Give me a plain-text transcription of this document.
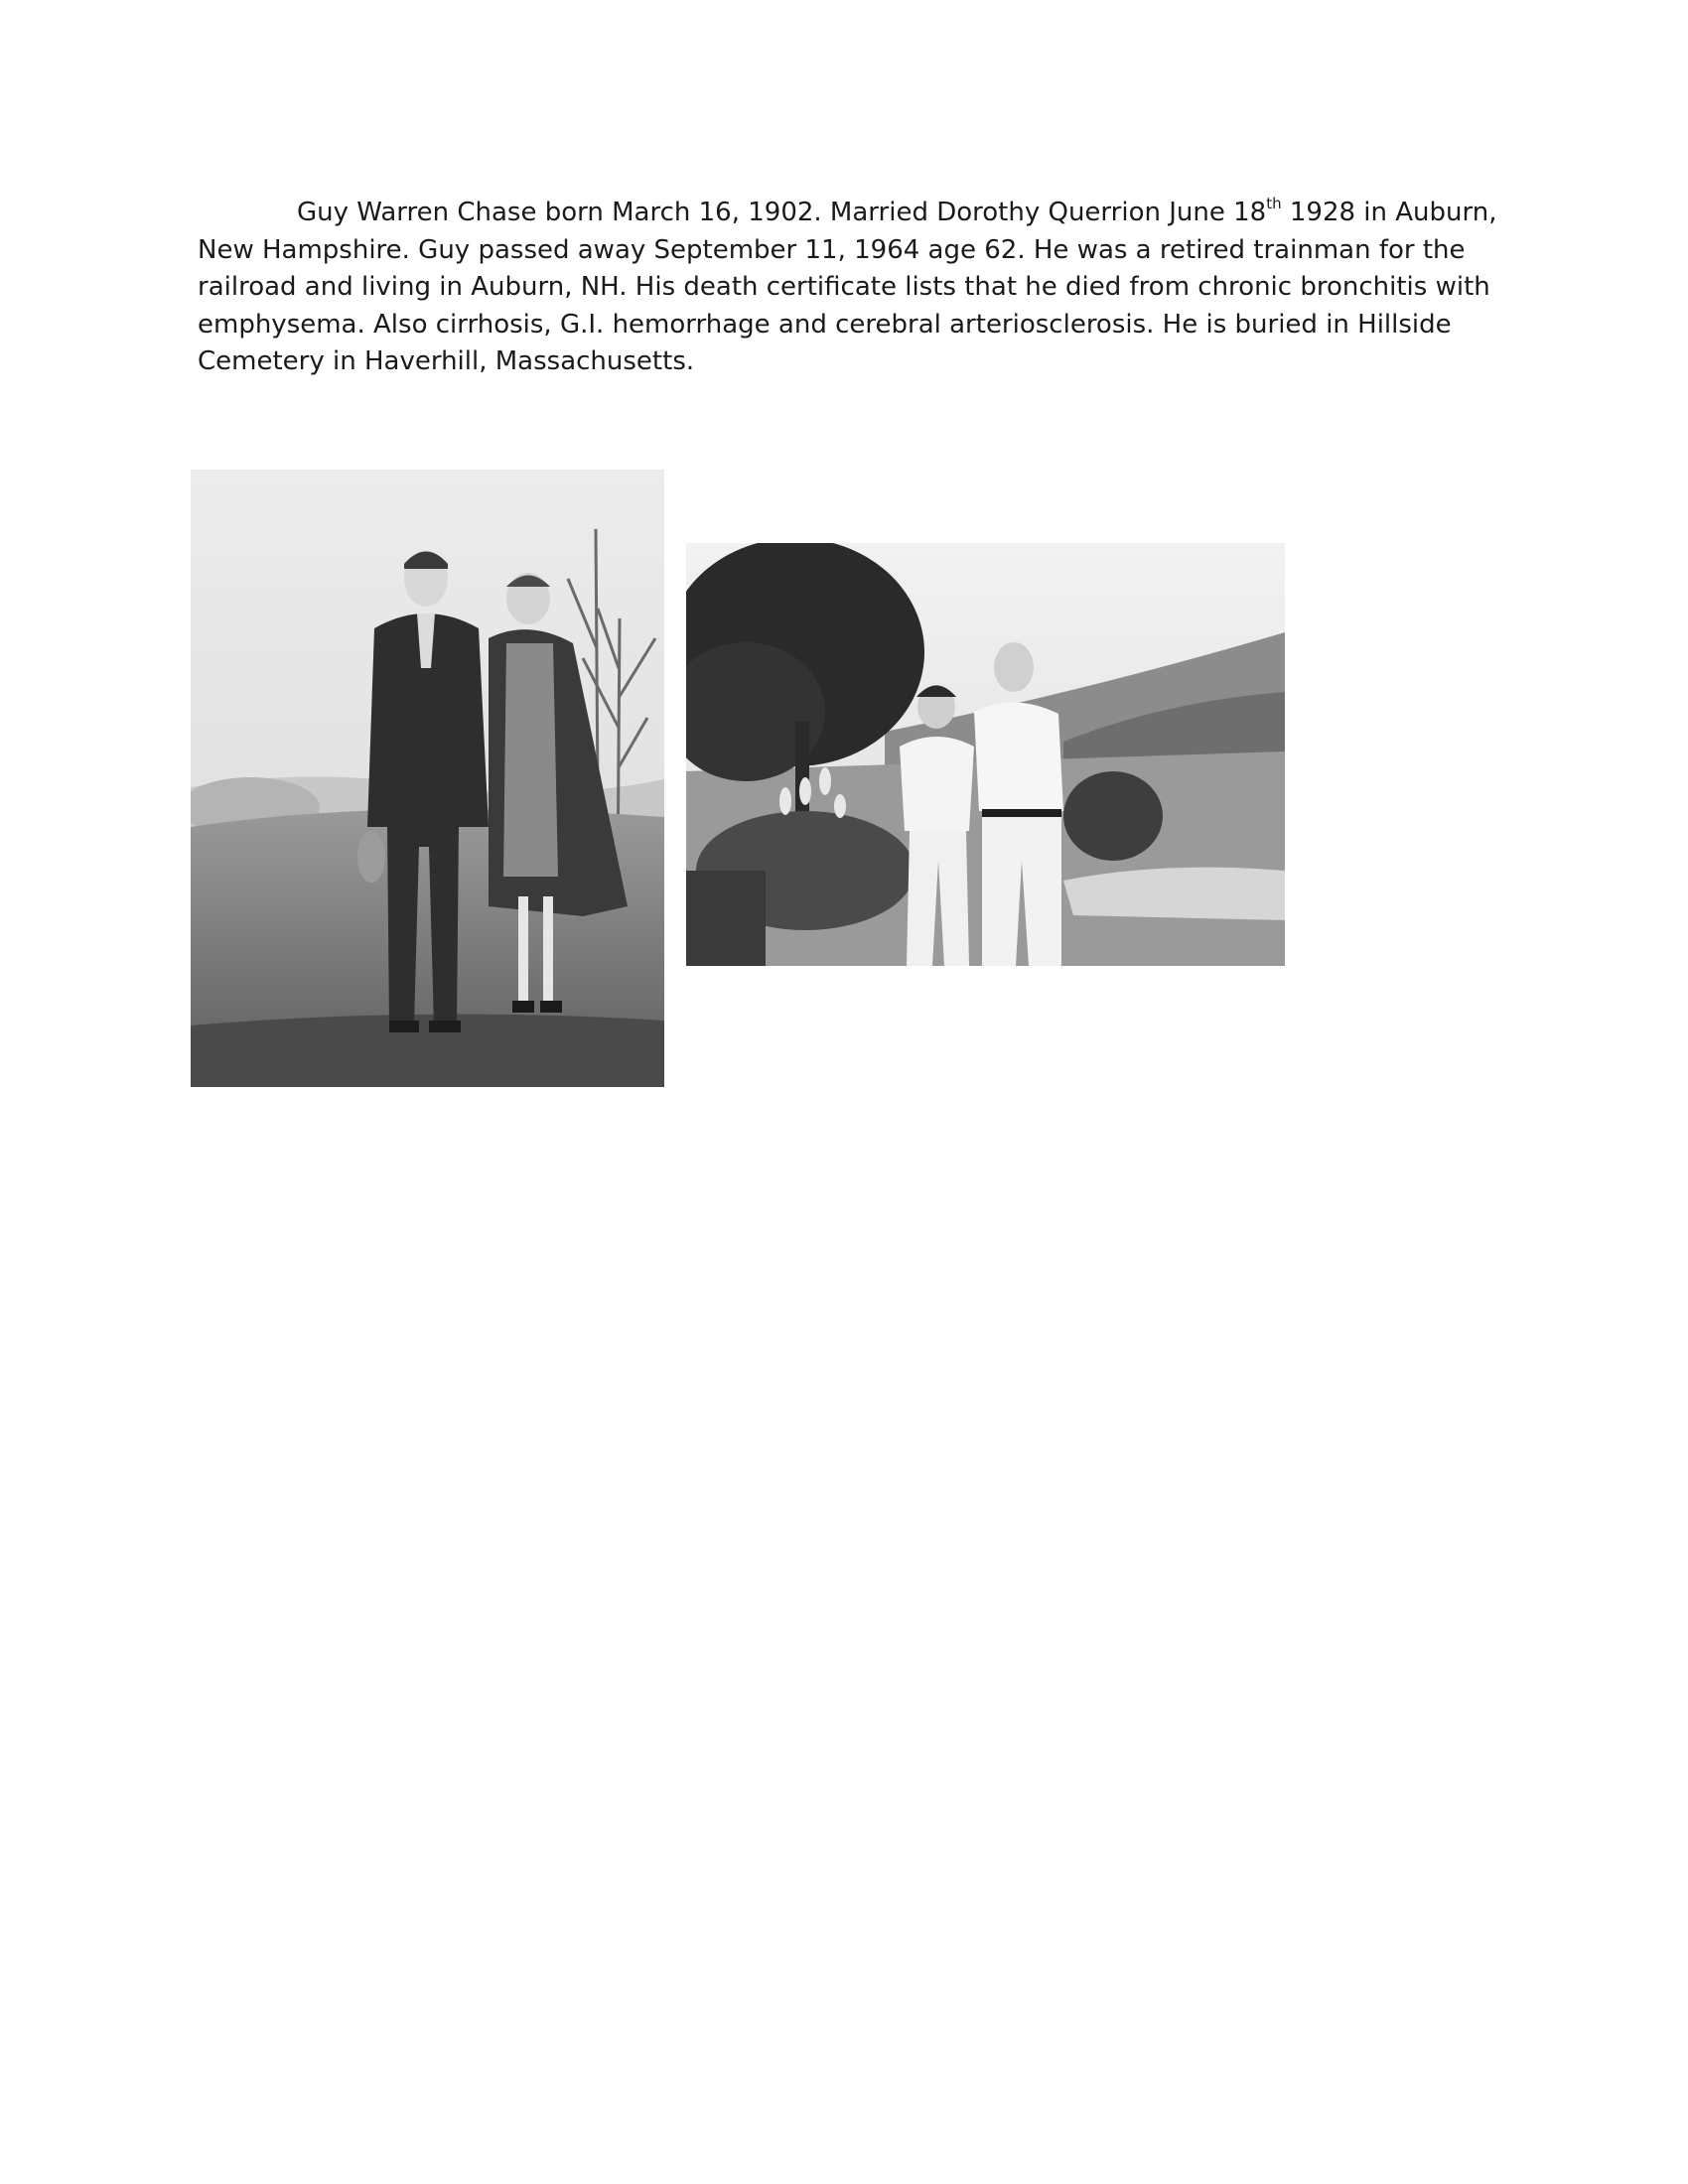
Guy Warren Chase born March 16, 1902. Married Dorothy Querrion June 18th 1928 in Auburn,
New Hampshire. Guy passed away September 11, 1964 age 62. He was a retired trainman for the
railroad and living in Auburn, NH. His death certificate lists that he died from chronic bronchitis with
emphysema. Also cirrhosis, G.I. hemorrhage and cerebral arteriosclerosis. He is buried in Hillside
Cemetery in Haverhill, Massachusetts.
